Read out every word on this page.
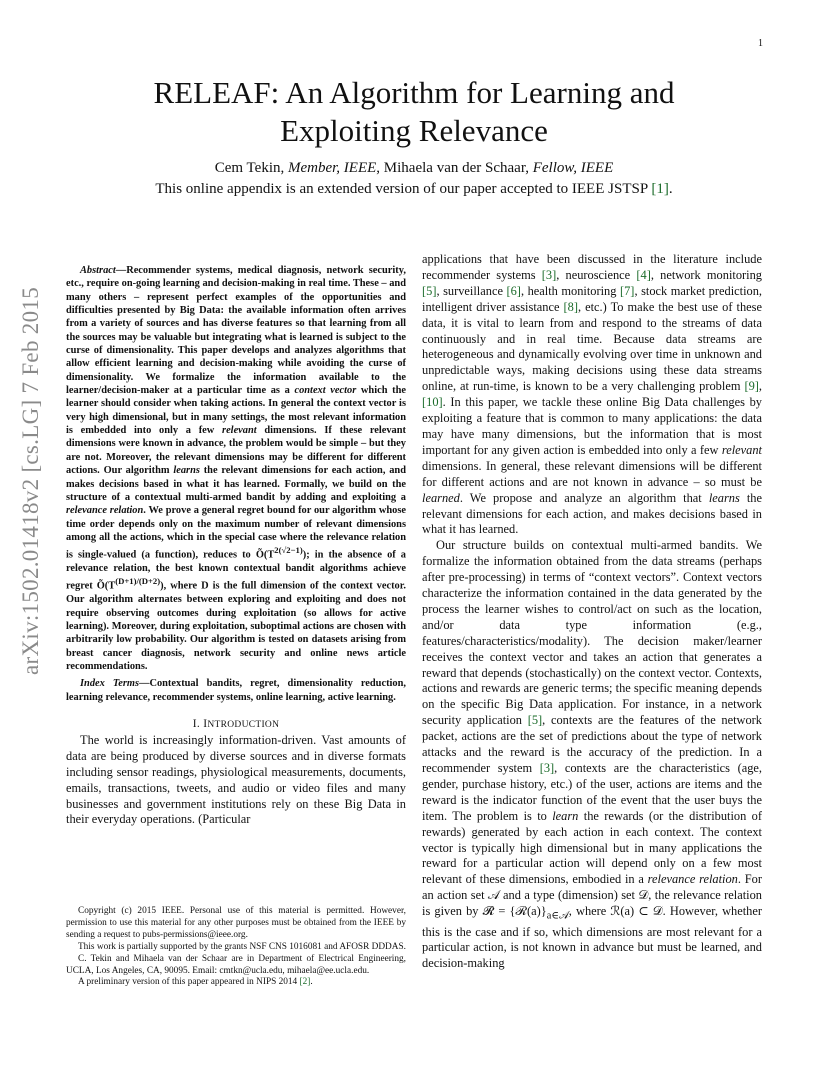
1
arXiv:1502.01418v2 [cs.LG] 7 Feb 2015
RELEAF: An Algorithm for Learning and
Exploiting Relevance
Cem Tekin, Member, IEEE, Mihaela van der Schaar, Fellow, IEEE
This online appendix is an extended version of our paper accepted to IEEE JSTSP [1].

Abstract—Recommender systems, medical diagnosis, network security, etc., require on-going learning and decision-making in real time. These – and many others – represent perfect examples of the opportunities and difficulties presented by Big Data: the available information often arrives from a variety of sources and has diverse features so that learning from all the sources may be valuable but integrating what is learned is subject to the curse of dimensionality. This paper develops and analyzes algorithms that allow efficient learning and decision-making while avoiding the curse of dimensionality. We formalize the information available to the learner/decision-maker at a particular time as a context vector which the learner should consider when taking actions. In general the context vector is very high dimensional, but in many settings, the most relevant information is embedded into only a few relevant dimensions. If these relevant dimensions were known in advance, the problem would be simple – but they are not. Moreover, the relevant dimensions may be different for different actions. Our algorithm learns the relevant dimensions for each action, and makes decisions based in what it has learned. Formally, we build on the structure of a contextual multi-armed bandit by adding and exploiting a relevance relation. We prove a general regret bound for our algorithm whose time order depends only on the maximum number of relevant dimensions among all the actions, which in the special case where the relevance relation is single-valued (a function), reduces to $Õ(T^{2(√2-1)})$; in the absence of a relevance relation, the best known contextual bandit algorithms achieve regret $Õ(T^{(D+1)/(D+2)})$, where D is the full dimension of the context vector. Our algorithm alternates between exploring and exploiting and does not require observing outcomes during exploitation (so allows for active learning). Moreover, during exploitation, suboptimal actions are chosen with arbitrarily low probability. Our algorithm is tested on datasets arising from breast cancer diagnosis, network security and online news article recommendations.

Index Terms—Contextual bandits, regret, dimensionality reduction, learning relevance, recommender systems, online learning, active learning.

I. INTRODUCTION

The world is increasingly information-driven. Vast amounts of data are being produced by diverse sources and in diverse formats including sensor readings, physiological measurements, documents, emails, transactions, tweets, and audio or video files and many businesses and government institutions rely on these Big Data in their everyday operations. (Particular

Copyright (c) 2015 IEEE. Personal use of this material is permitted. However, permission to use this material for any other purposes must be obtained from the IEEE by sending a request to pubs-permissions@ieee.org.

This work is partially supported by the grants NSF CNS 1016081 and AFOSR DDDAS.

C. Tekin and Mihaela van der Schaar are in Department of Electrical Engineering, UCLA, Los Angeles, CA, 90095. Email: cmtkn@ucla.edu, mihaela@ee.ucla.edu.

A preliminary version of this paper appeared in NIPS 2014 [2].

applications that have been discussed in the literature include recommender systems [3], neuroscience [4], network monitoring [5], surveillance [6], health monitoring [7], stock market prediction, intelligent driver assistance [8], etc.) To make the best use of these data, it is vital to learn from and respond to the streams of data continuously and in real time. Because data streams are heterogeneous and dynamically evolving over time in unknown and unpredictable ways, making decisions using these data streams online, at run-time, is known to be a very challenging problem [9], [10]. In this paper, we tackle these online Big Data challenges by exploiting a feature that is common to many applications: the data may have many dimensions, but the information that is most important for any given action is embedded into only a few relevant dimensions. In general, these relevant dimensions will be different for different actions and are not known in advance – so must be learned. We propose and analyze an algorithm that learns the relevant dimensions for each action, and makes decisions based in what it has learned.

Our structure builds on contextual multi-armed bandits. We formalize the information obtained from the data streams (perhaps after pre-processing) in terms of “context vectors”. Context vectors characterize the information contained in the data generated by the process the learner wishes to control/act on such as the location, and/or data type information (e.g., features/characteristics/modality). The decision maker/learner receives the context vector and takes an action that generates a reward that depends (stochastically) on the context vector. Contexts, actions and rewards are generic terms; the specific meaning depends on the specific Big Data application. For instance, in a network security application [5], contexts are the features of the network packet, actions are the set of predictions about the type of network attacks and the reward is the accuracy of the prediction. In a recommender system [3], contexts are the characteristics (age, gender, purchase history, etc.) of the user, actions are items and the reward is the indicator function of the event that the user buys the item. The problem is to learn the rewards (or the distribution of rewards) generated by each action in each context. The context vector is typically high dimensional but in many applications the reward for a particular action will depend only on a few most relevant of these dimensions, embodied in a relevance relation. For an action set 𝒜 and a type (dimension) set 𝒟, the relevance relation is given by 𝓡 = $\{ℛ(a)\}_{a\in 𝒜}$, where ℛ(a) ⊂ 𝒟. However, whether this is the case and if so, which dimensions are most relevant for a particular action, is not known in advance but must be learned, and decision-making
